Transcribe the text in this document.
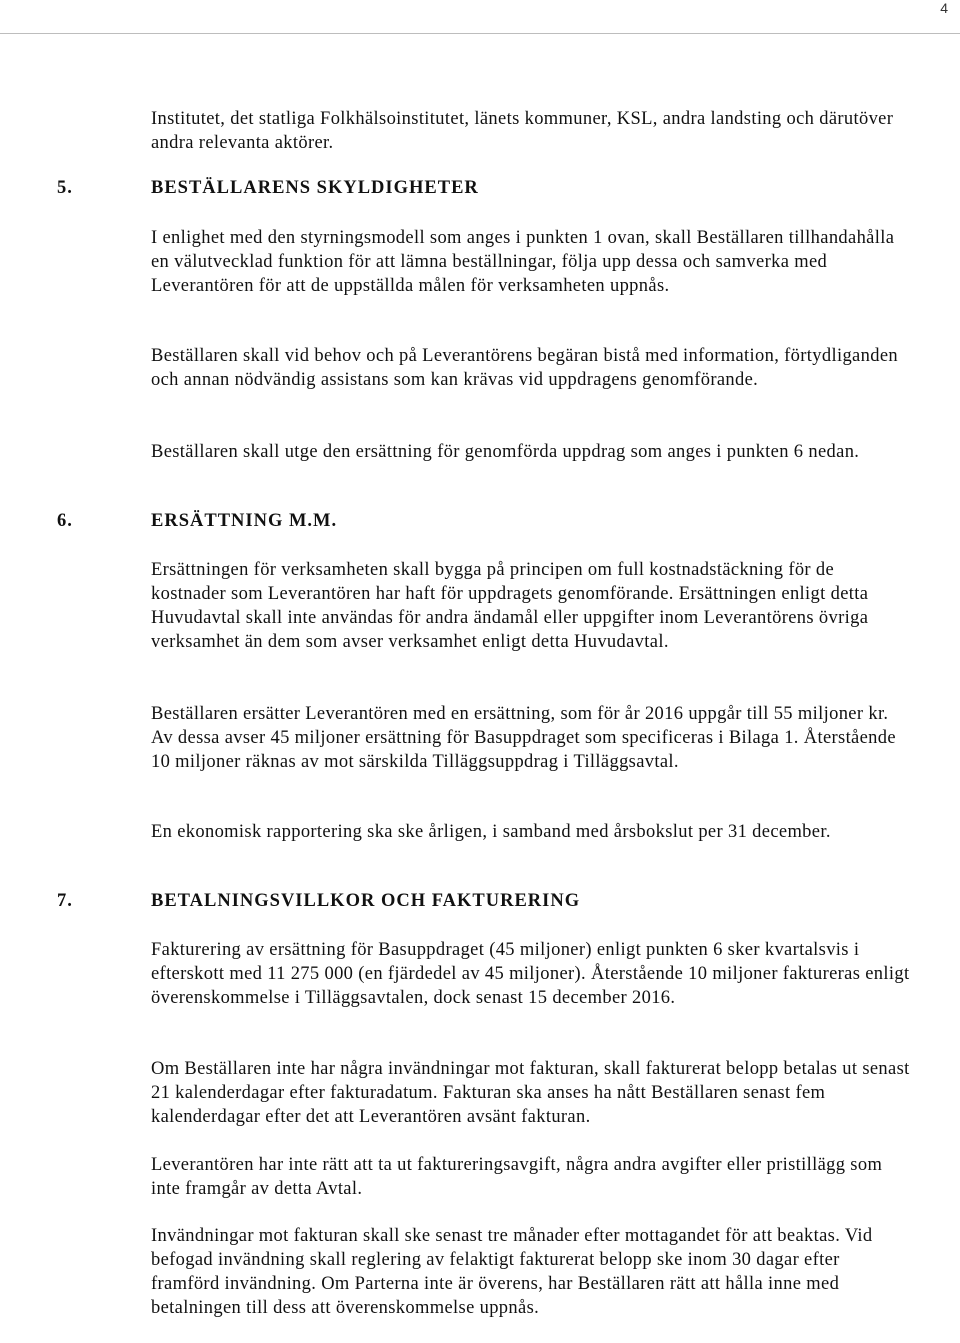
4

Institutet, det statliga Folkhälsoinstitutet, länets kommuner, KSL, andra landsting och därutöver andra relevanta aktörer.

5.	BESTÄLLARENS SKYLDIGHETER

I enlighet med den styrningsmodell som anges i punkten 1 ovan, skall Beställaren tillhandahålla en välutvecklad funktion för att lämna beställningar, följa upp dessa och samverka med Leverantören för att de uppställda målen för verksamheten uppnås.

Beställaren skall vid behov och på Leverantörens begäran bistå med information, förtydliganden och annan nödvändig assistans som kan krävas vid uppdragens genomförande.

Beställaren skall utge den ersättning för genomförda uppdrag som anges i punkten 6 nedan.

6.	ERSÄTTNING M.M.

Ersättningen för verksamheten skall bygga på principen om full kostnadstäckning för de kostnader som Leverantören har haft för uppdragets genomförande. Ersättningen enligt detta Huvudavtal skall inte användas för andra ändamål eller uppgifter inom Leverantörens övriga verksamhet än dem som avser verksamhet enligt detta Huvudavtal.

Beställaren ersätter Leverantören med en ersättning, som för år 2016 uppgår till 55 miljoner kr. Av dessa avser 45 miljoner ersättning för Basuppdraget som specificeras i Bilaga 1. Återstående 10 miljoner räknas av mot särskilda Tilläggsuppdrag i Tilläggsavtal.

En ekonomisk rapportering ska ske årligen, i samband med årsbokslut per 31 december.

7.	BETALNINGSVILLKOR OCH FAKTURERING

Fakturering av ersättning för Basuppdraget (45 miljoner) enligt punkten 6 sker kvartalsvis i efterskott med 11 275 000 (en fjärdedel av 45 miljoner). Återstående 10 miljoner faktureras enligt överenskommelse i Tilläggsavtalen, dock senast 15 december 2016.

Om Beställaren inte har några invändningar mot fakturan, skall fakturerat belopp betalas ut senast 21 kalenderdagar efter fakturadatum. Fakturan ska anses ha nått Beställaren senast fem kalenderdagar efter det att Leverantören avsänt fakturan.

Leverantören har inte rätt att ta ut faktureringsavgift, några andra avgifter eller pristillägg som inte framgår av detta Avtal.

Invändningar mot fakturan skall ske senast tre månader efter mottagandet för att beaktas. Vid befogad invändning skall reglering av felaktigt fakturerat belopp ske inom 30 dagar efter framförd invändning. Om Parterna inte är överens, har Beställaren rätt att hålla inne med betalningen till dess att överenskommelse uppnås.
